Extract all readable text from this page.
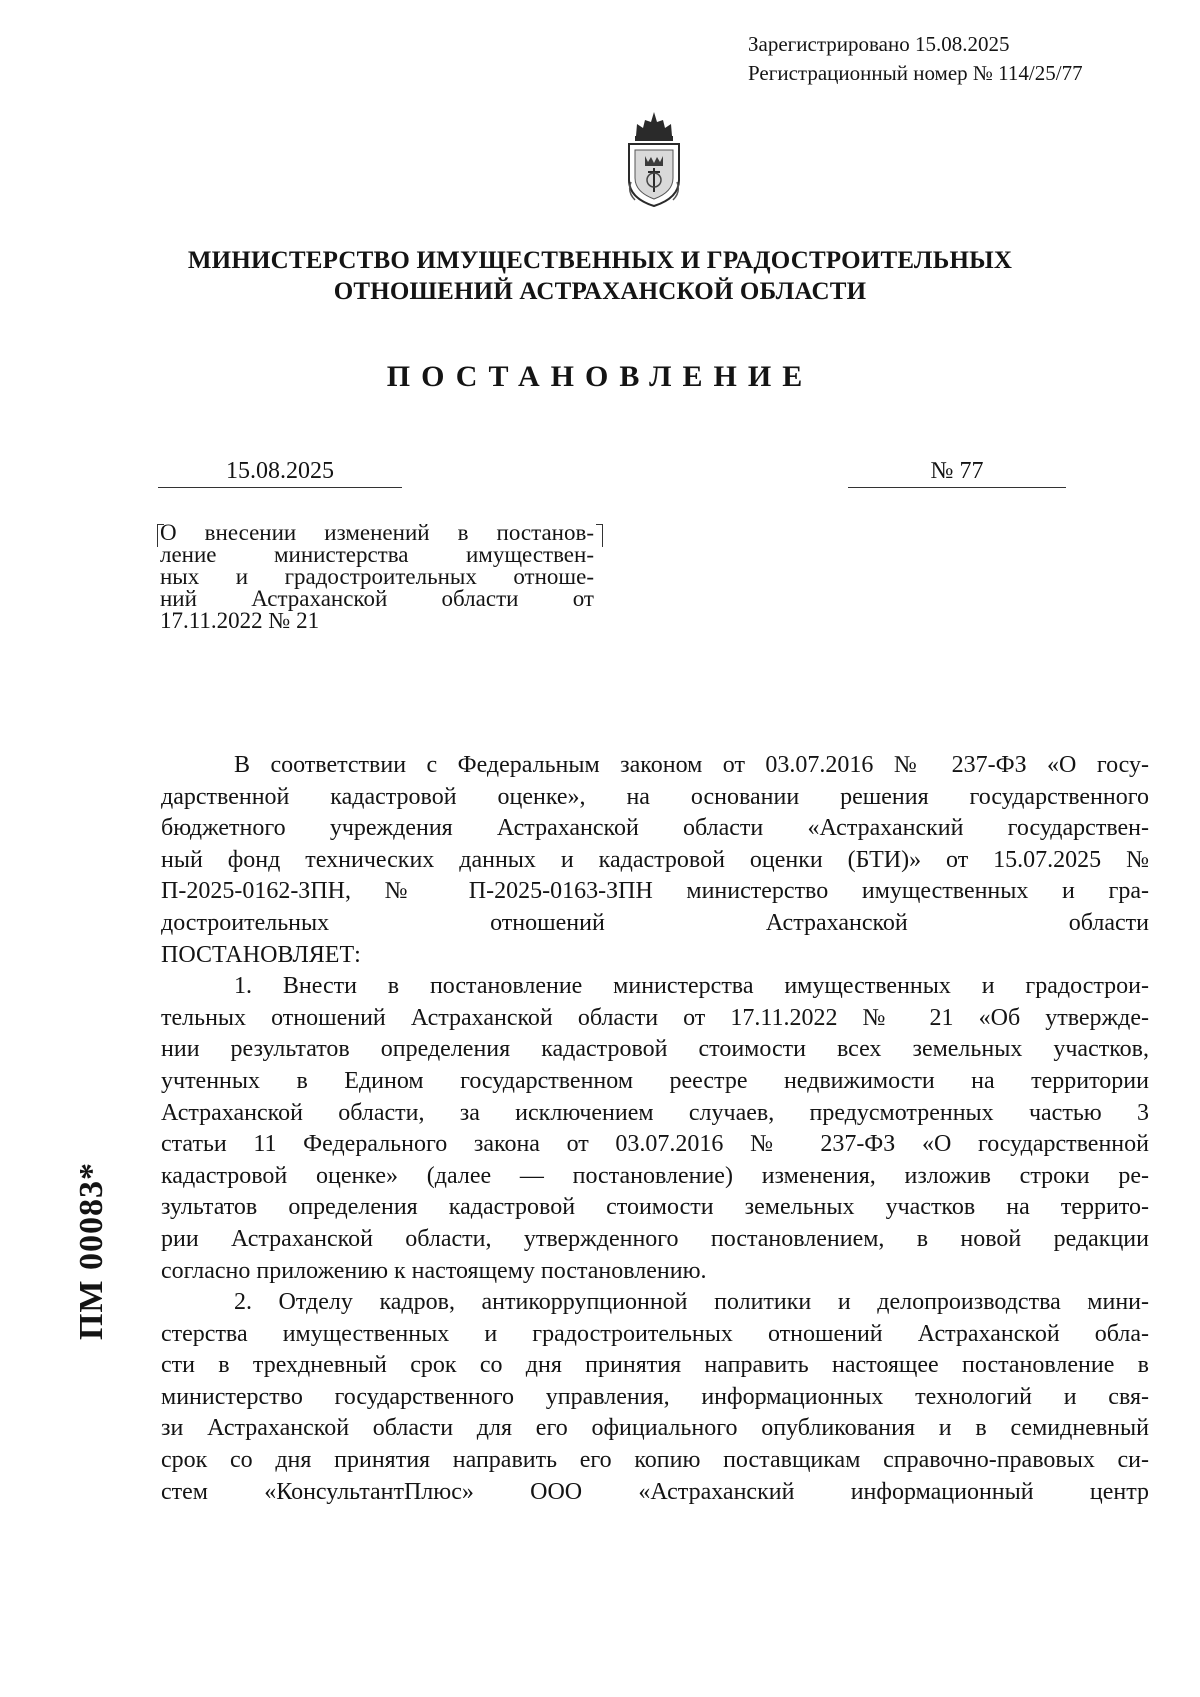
Зарегистрировано 15.08.2025
Регистрационный номер № 114/25/77
МИНИСТЕРСТВО ИМУЩЕСТВЕННЫХ И ГРАДОСТРОИТЕЛЬНЫХ
ОТНОШЕНИЙ АСТРАХАНСКОЙ ОБЛАСТИ
ПОСТАНОВЛЕНИЕ
15.08.2025	№ 77
О внесении изменений в постанов-
ление министерства имуществен-
ных и градостроительных отноше-
ний Астраханской области от
17.11.2022 № 21
В соответствии с Федеральным законом от 03.07.2016 № 237-ФЗ «О госу-
дарственной кадастровой оценке», на основании решения государственного
бюджетного учреждения Астраханской области «Астраханский государствен-
ный фонд технических данных и кадастровой оценки (БТИ)» от 15.07.2025 №
П-2025-0162-ЗПН, № П-2025-0163-ЗПН министерство имущественных и гра-
достроительных отношений Астраханской области
ПОСТАНОВЛЯЕТ:
1. Внести в постановление министерства имущественных и градострои-
тельных отношений Астраханской области от 17.11.2022 № 21 «Об утвержде-
нии результатов определения кадастровой стоимости всех земельных участков,
учтенных в Едином государственном реестре недвижимости на территории
Астраханской области, за исключением случаев, предусмотренных частью 3
статьи 11 Федерального закона от 03.07.2016 № 237-ФЗ «О государственной
кадастровой оценке» (далее — постановление) изменения, изложив строки ре-
зультатов определения кадастровой стоимости земельных участков на террито-
рии Астраханской области, утвержденного постановлением, в новой редакции
согласно приложению к настоящему постановлению.
2. Отделу кадров, антикоррупционной политики и делопроизводства мини-
стерства имущественных и градостроительных отношений Астраханской обла-
сти в трехдневный срок со дня принятия направить настоящее постановление в
министерство государственного управления, информационных технологий и свя-
зи Астраханской области для его официального опубликования и в семидневный
срок со дня принятия направить его копию поставщикам справочно-правовых си-
стем «КонсультантПлюс» ООО «Астраханский информационный центр
ПМ 00083*
